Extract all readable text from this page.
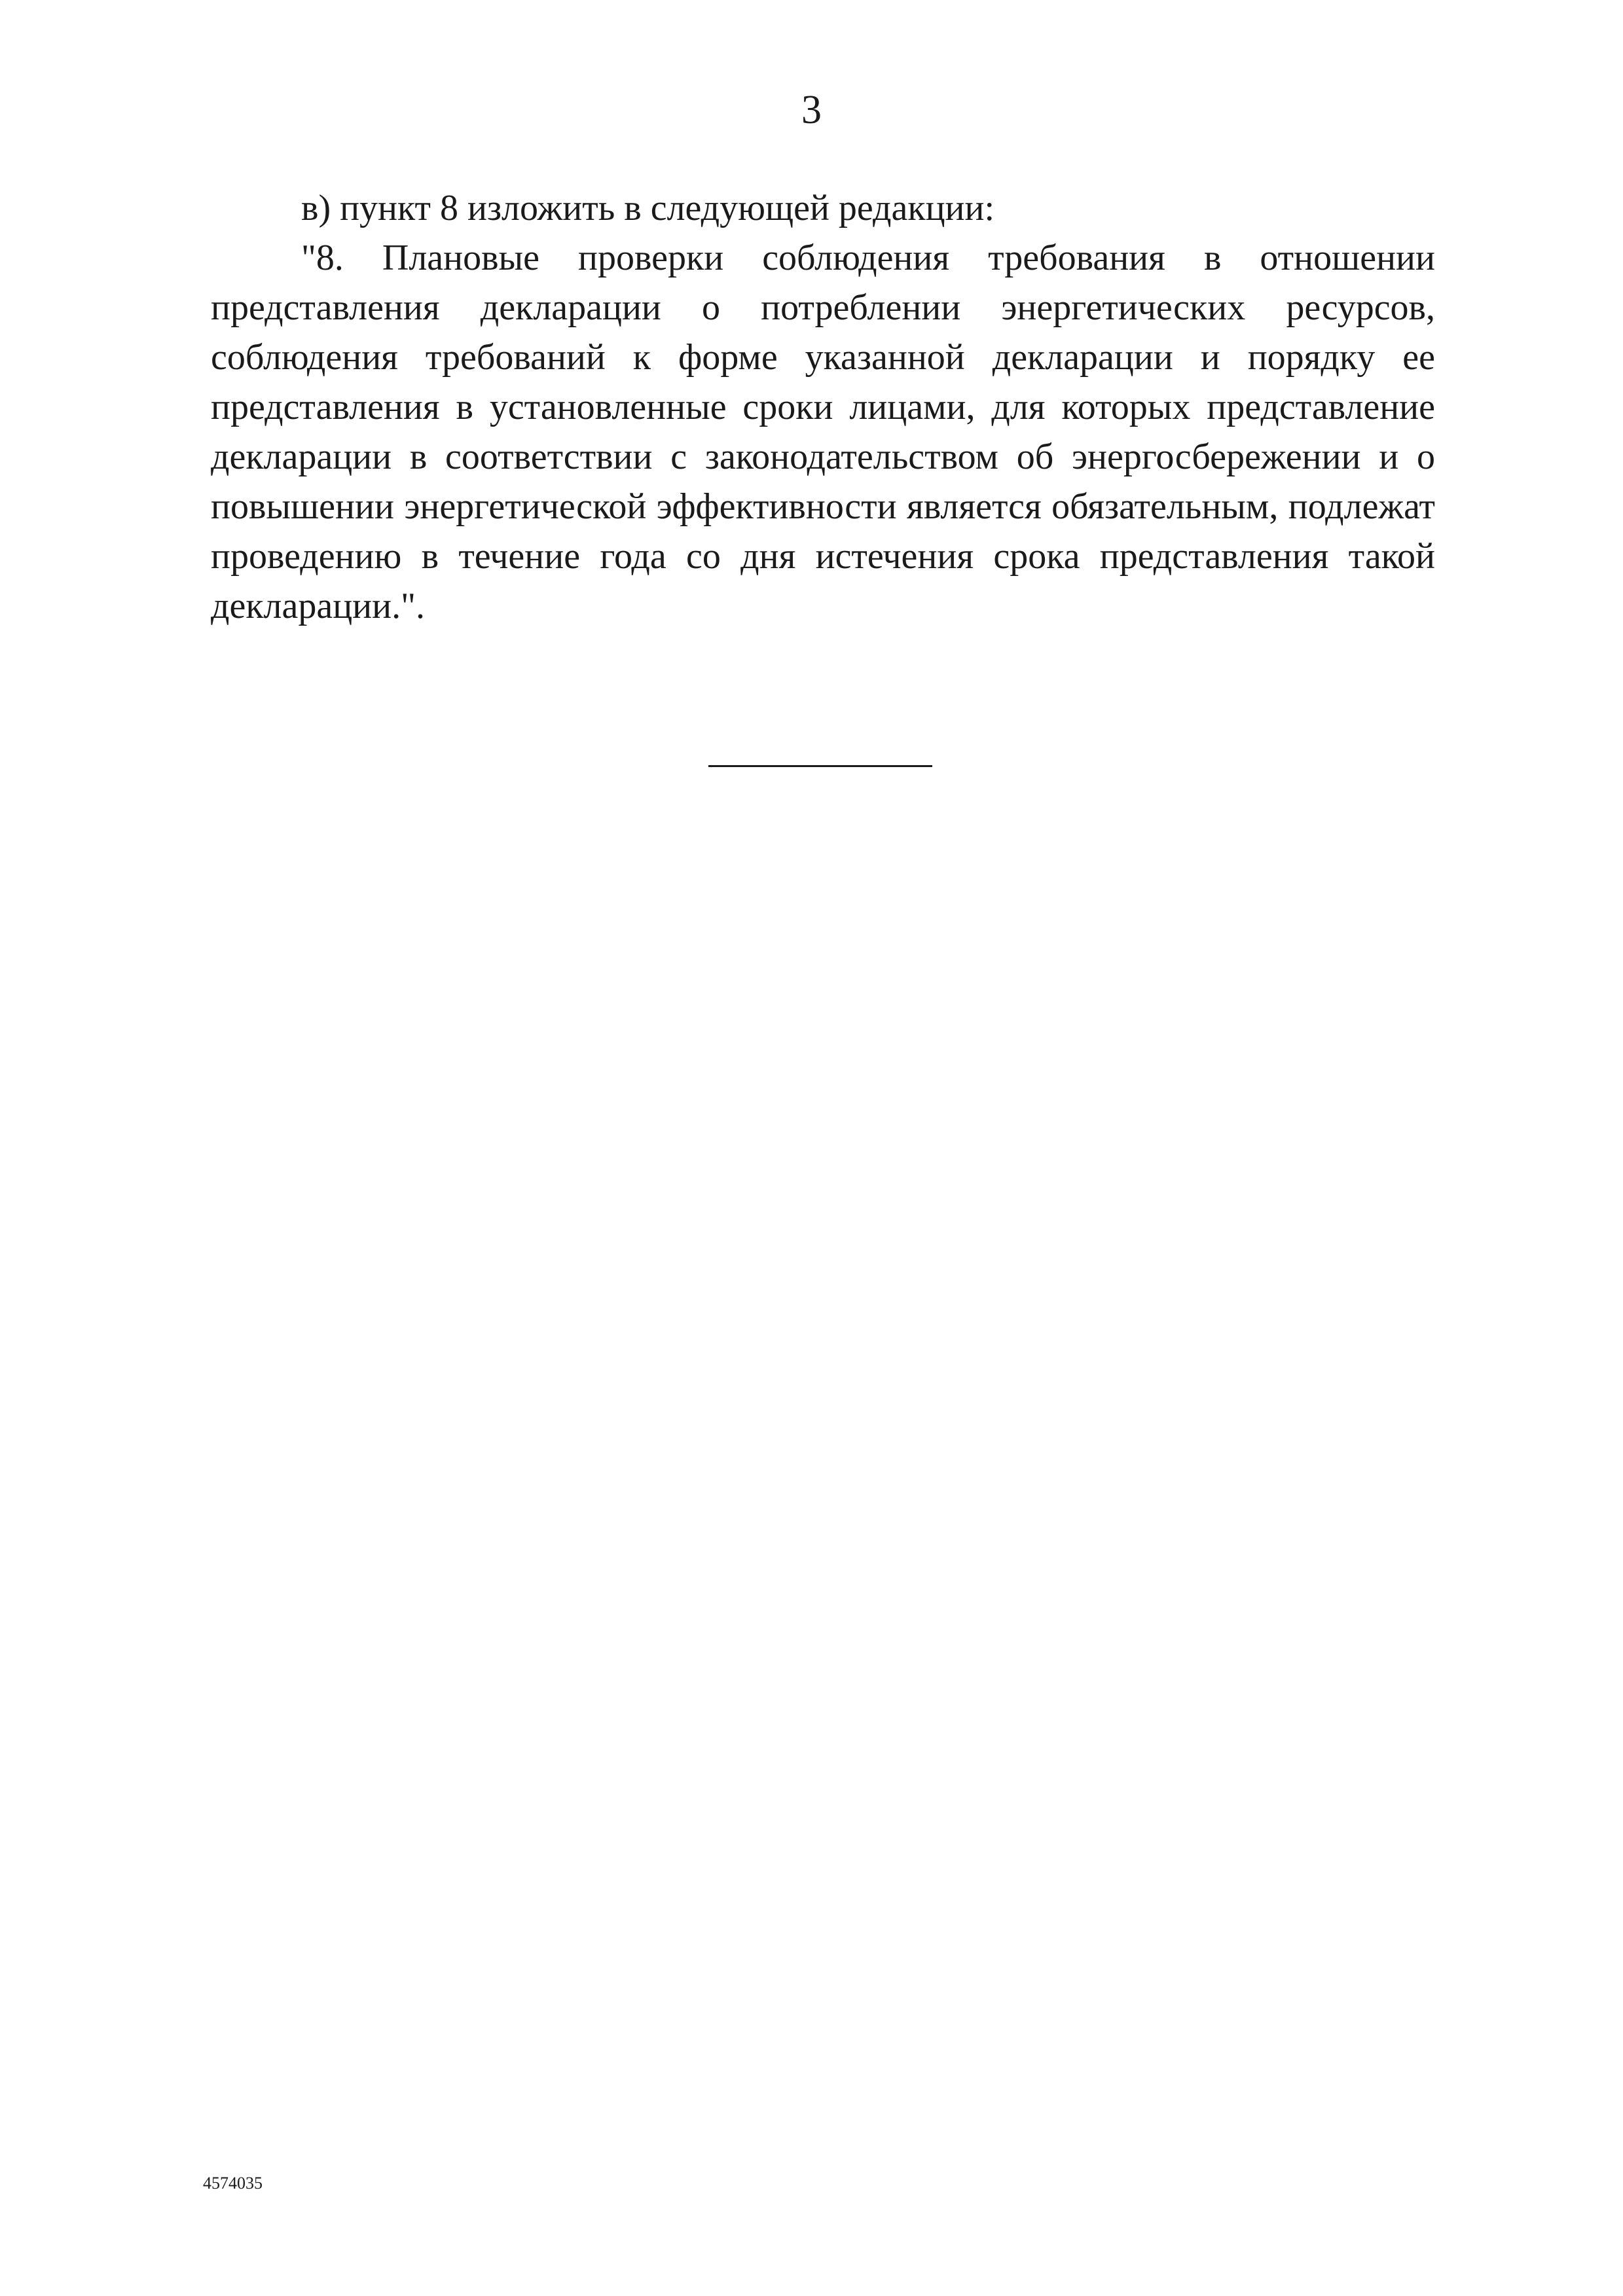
3

в) пункт 8 изложить в следующей редакции:

"8. Плановые проверки соблюдения требования в отношении представления декларации о потреблении энергетических ресурсов, соблюдения требований к форме указанной декларации и порядку ее представления в установленные сроки лицами, для которых представление декларации в соответствии с законодательством об энергосбережении и о повышении энергетической эффективности является обязательным, подлежат проведению в течение года со дня истечения срока представления такой декларации.".

4574035
